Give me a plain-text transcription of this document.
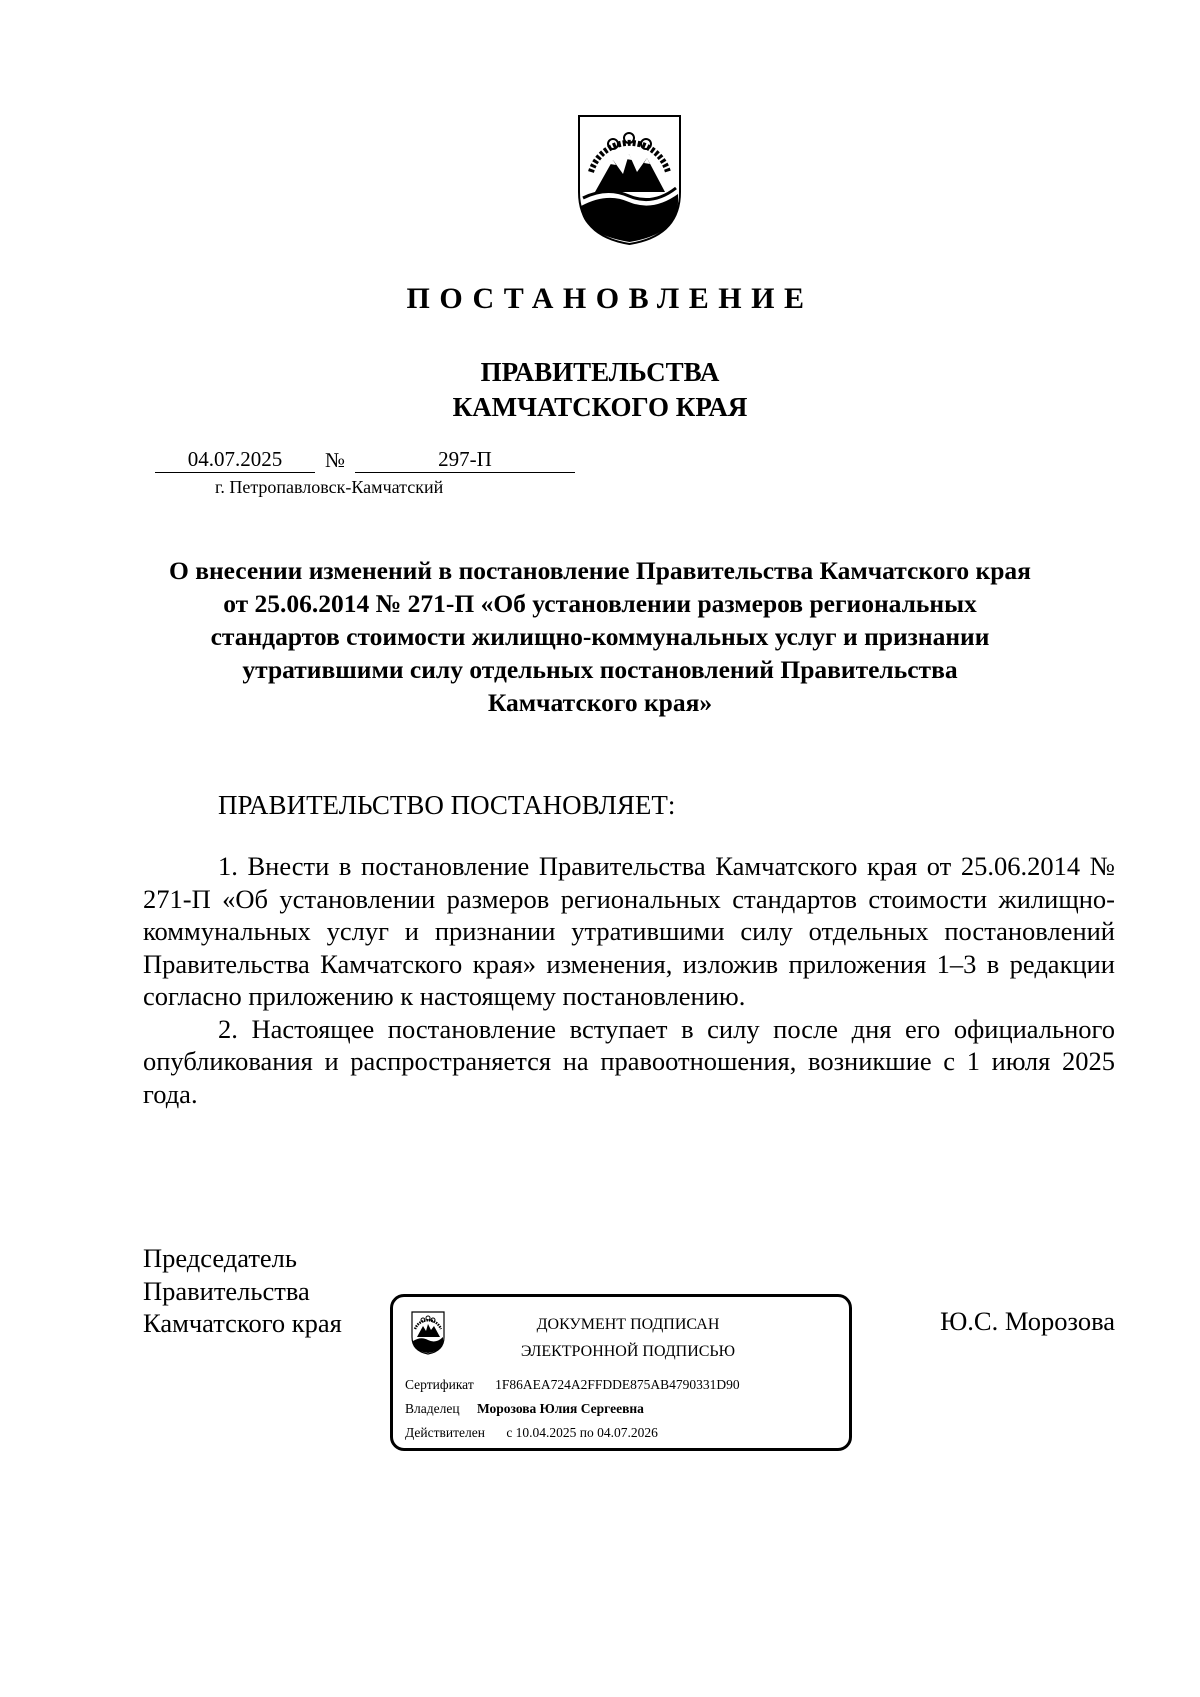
ПОСТАНОВЛЕНИЕ
ПРАВИТЕЛЬСТВА
КАМЧАТСКОГО КРАЯ
04.07.2025	№	297-П
г. Петропавловск-Камчатский
О внесении изменений в постановление Правительства Камчатского края
от 25.06.2014 № 271-П «Об установлении размеров региональных
стандартов стоимости жилищно-коммунальных услуг и признании
утратившими силу отдельных постановлений Правительства
Камчатского края»
ПРАВИТЕЛЬСТВО ПОСТАНОВЛЯЕТ:

1. Внести в постановление Правительства Камчатского края от 25.06.2014 № 271-П «Об установлении размеров региональных стандартов стоимости жилищно-коммунальных услуг и признании утратившими силу отдельных постановлений Правительства Камчатского края» изменения, изложив приложения 1–3 в редакции согласно приложению к настоящему постановлению.

2. Настоящее постановление вступает в силу после дня его официального опубликования и распространяется на правоотношения, возникшие с 1 июля 2025 года.

Председатель
Правительства
Камчатского края	Ю.С. Морозова
ДОКУМЕНТ ПОДПИСАН
ЭЛЕКТРОННОЙ ПОДПИСЬЮ
Сертификат 1F86AEA724A2FFDDE875AB4790331D90
Владелец Морозова Юлия Сергеевна
Действителен с 10.04.2025 по 04.07.2026
